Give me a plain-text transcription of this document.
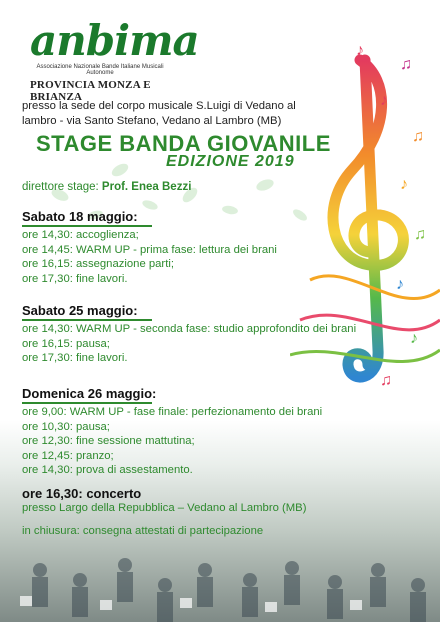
♪
♫
♪
♫
♪
♫
♪
♫
♪
anbima
Associazione Nazionale Bande Italiane Musicali Autonome
PROVINCIA MONZA E BRIANZA
presso la sede del corpo musicale S.Luigi di Vedano al
lambro - via Santo Stefano, Vedano al Lambro (MB)
STAGE BANDA GIOVANILE
EDIZIONE 2019
direttore stage: Prof. Enea Bezzi
Sabato 18 maggio:
ore 14,30: accoglienza;
ore 14,45: WARM UP - prima fase: lettura dei brani
ore 16,15: assegnazione parti;
ore 17,30: fine lavori.
Sabato 25 maggio:
ore 14,30: WARM UP - seconda fase: studio approfondito dei brani
ore 16,15: pausa;
ore 17,30: fine lavori.
Domenica 26 maggio:
ore 9,00: WARM UP - fase finale: perfezionamento dei brani
ore 10,30: pausa;
ore 12,30: fine sessione mattutina;
ore 12,45: pranzo;
ore 14,30: prova di assestamento.
ore 16,30: concerto
presso Largo della Repubblica – Vedano al Lambro (MB)
in chiusura: consegna attestati di partecipazione
